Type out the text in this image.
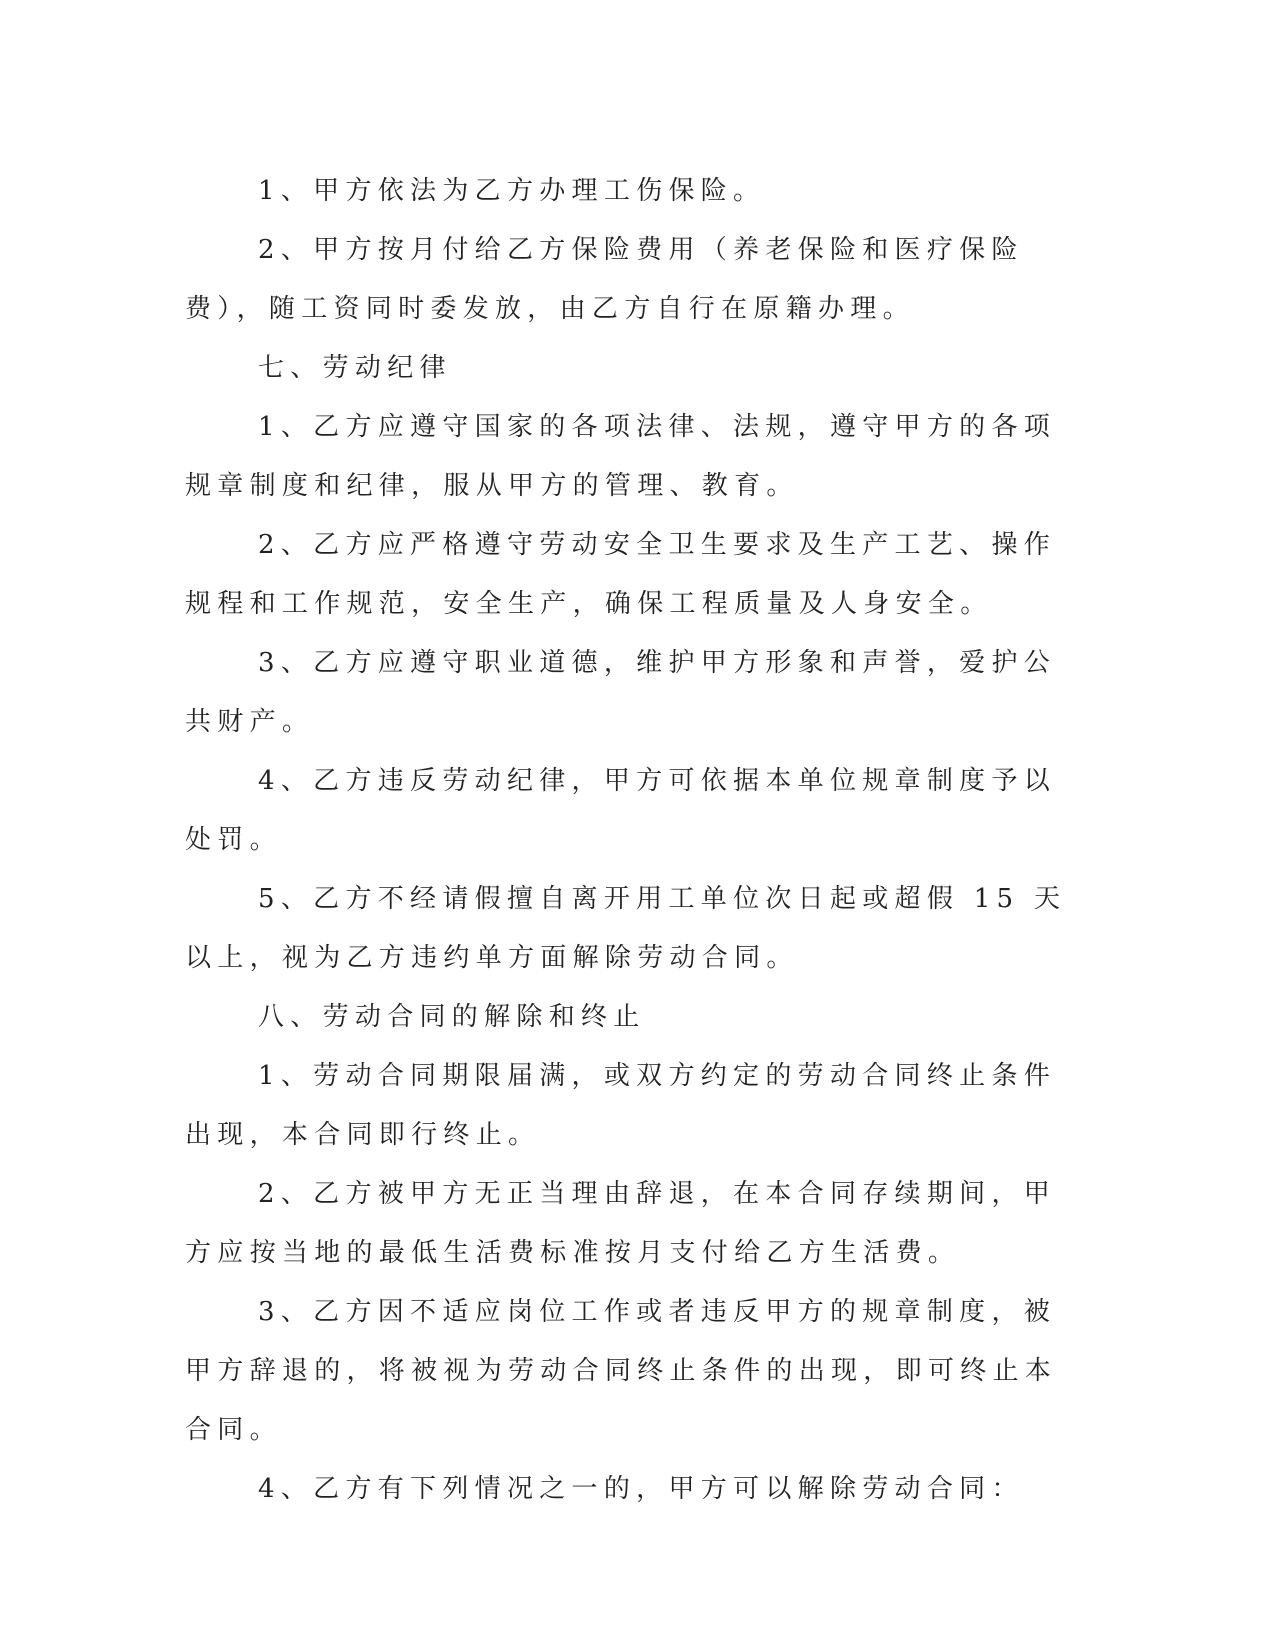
1、甲方依法为乙方办理工伤保险。

2、甲方按月付给乙方保险费用（养老保险和医疗保险费），随工资同时委发放，由乙方自行在原籍办理。

七、劳动纪律

1、乙方应遵守国家的各项法律、法规，遵守甲方的各项规章制度和纪律，服从甲方的管理、教育。

2、乙方应严格遵守劳动安全卫生要求及生产工艺、操作规程和工作规范，安全生产，确保工程质量及人身安全。

3、乙方应遵守职业道德，维护甲方形象和声誉，爱护公共财产。

4、乙方违反劳动纪律，甲方可依据本单位规章制度予以处罚。

5、乙方不经请假擅自离开用工单位次日起或超假 15 天以上，视为乙方违约单方面解除劳动合同。

八、劳动合同的解除和终止

1、劳动合同期限届满，或双方约定的劳动合同终止条件出现，本合同即行终止。

2、乙方被甲方无正当理由辞退，在本合同存续期间，甲方应按当地的最低生活费标准按月支付给乙方生活费。

3、乙方因不适应岗位工作或者违反甲方的规章制度，被甲方辞退的，将被视为劳动合同终止条件的出现，即可终止本合同。

4、乙方有下列情况之一的，甲方可以解除劳动合同：
